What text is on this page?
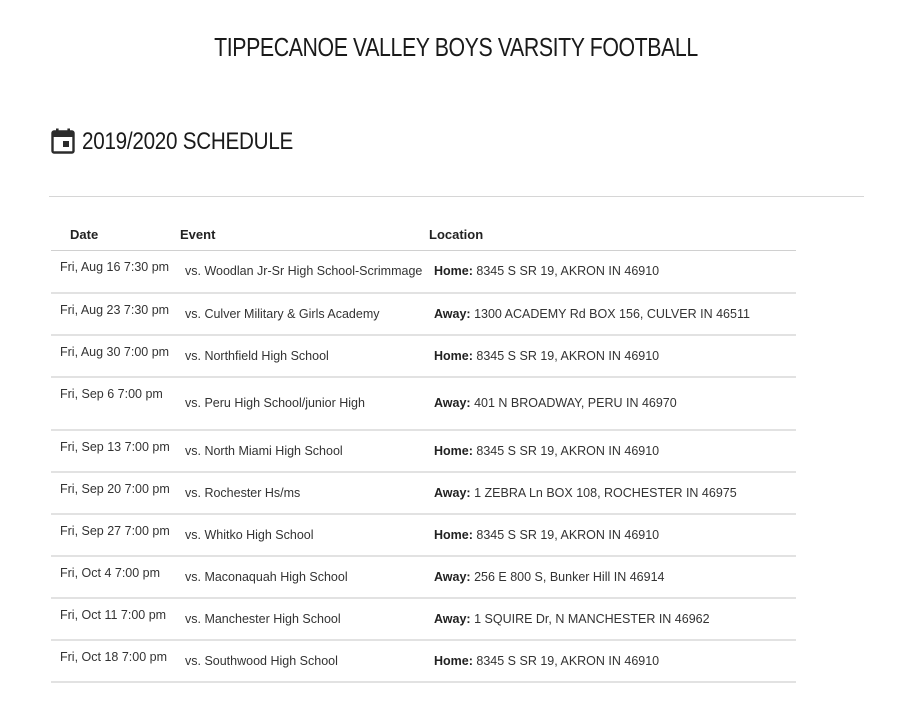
TIPPECANOE VALLEY BOYS VARSITY FOOTBALL
2019/2020 SCHEDULE
Date	Event	Location
Fri, Aug 16 7:30 pm	vs. Woodlan Jr-Sr High School-Scrimmage	Home: 8345 S SR 19, AKRON IN 46910
Fri, Aug 23 7:30 pm	vs. Culver Military & Girls Academy	Away: 1300 ACADEMY Rd BOX 156, CULVER IN 46511
Fri, Aug 30 7:00 pm	vs. Northfield High School	Home: 8345 S SR 19, AKRON IN 46910
Fri, Sep 6 7:00 pm	vs. Peru High School/junior High	Away: 401 N BROADWAY, PERU IN 46970
Fri, Sep 13 7:00 pm	vs. North Miami High School	Home: 8345 S SR 19, AKRON IN 46910
Fri, Sep 20 7:00 pm	vs. Rochester Hs/ms	Away: 1 ZEBRA Ln BOX 108, ROCHESTER IN 46975
Fri, Sep 27 7:00 pm	vs. Whitko High School	Home: 8345 S SR 19, AKRON IN 46910
Fri, Oct 4 7:00 pm	vs. Maconaquah High School	Away: 256 E 800 S, Bunker Hill IN 46914
Fri, Oct 11 7:00 pm	vs. Manchester High School	Away: 1 SQUIRE Dr, N MANCHESTER IN 46962
Fri, Oct 18 7:00 pm	vs. Southwood High School	Home: 8345 S SR 19, AKRON IN 46910
